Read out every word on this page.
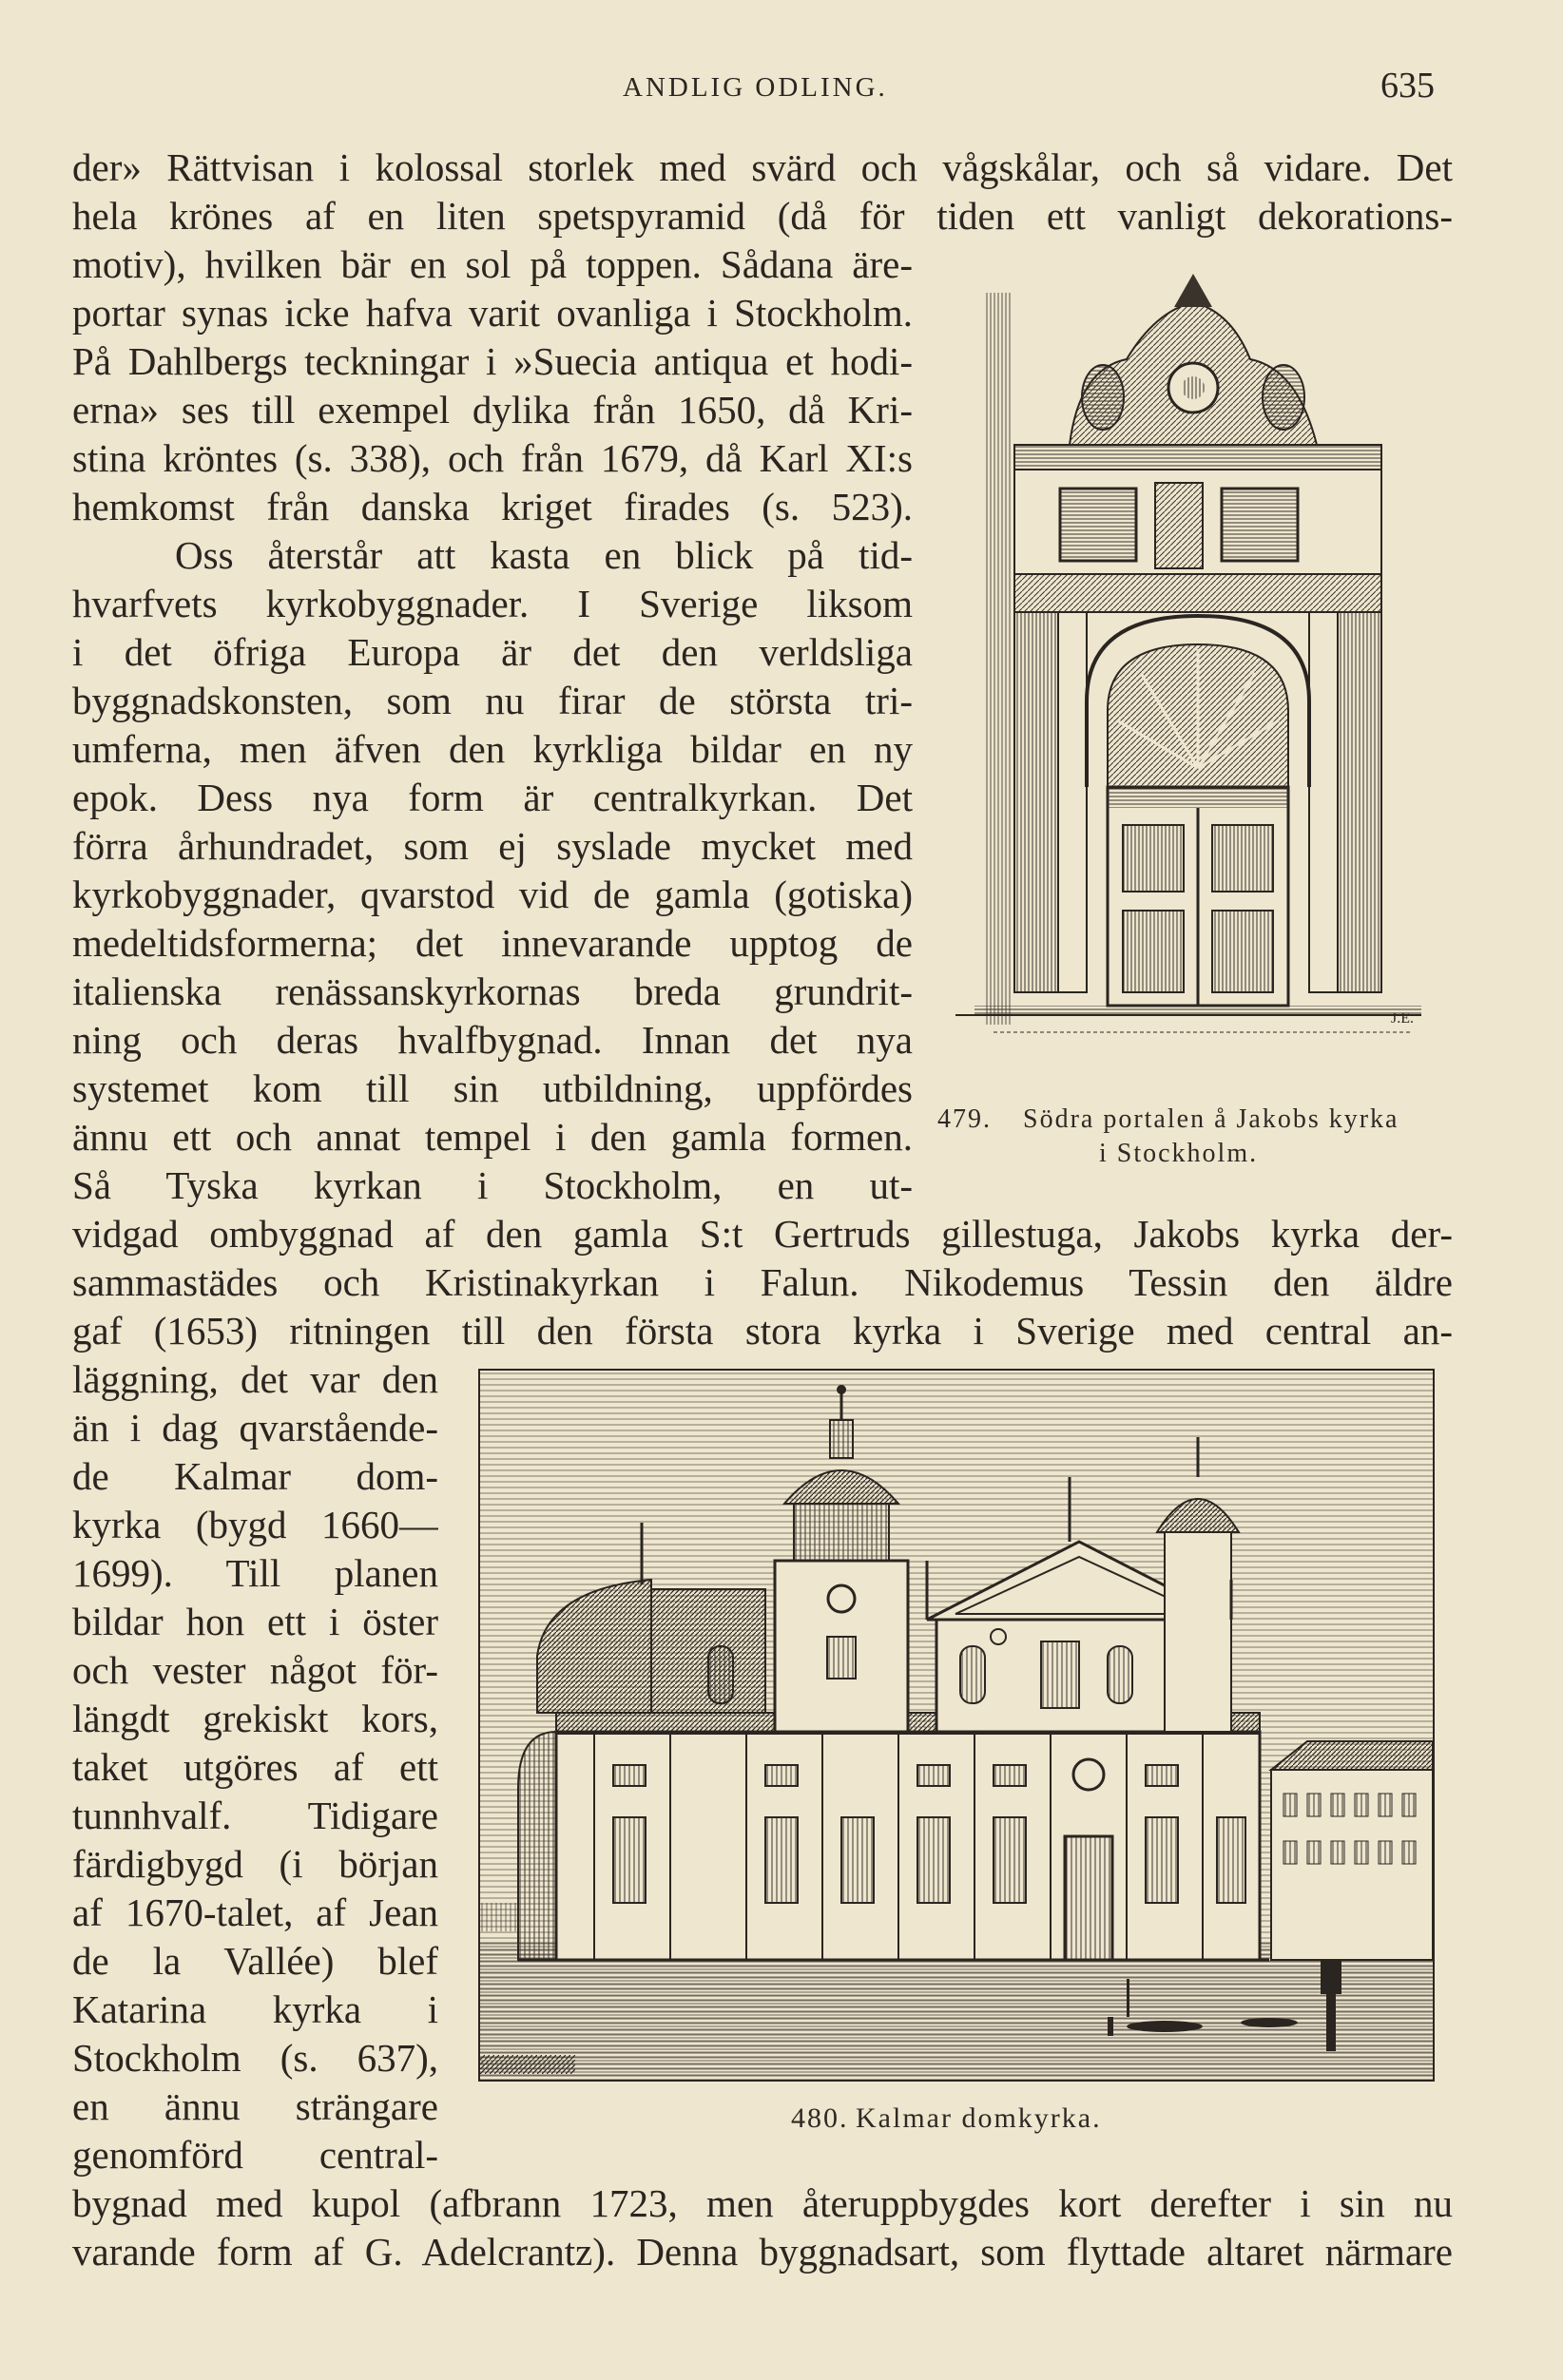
ANDLIG ODLING.	635
der» Rättvisan i kolossal storlek med svärd och vågskålar, och så vidare. Det
hela krönes af en liten spetspyramid (då för tiden ett vanligt dekorations-
motiv), hvilken bär en sol på toppen. Sådana äre-
portar synas icke hafva varit ovanliga i Stockholm.
På Dahlbergs teckningar i »Suecia antiqua et hodi-
erna» ses till exempel dylika från 1650, då Kri-
stina kröntes (s. 338), och från 1679, då Karl XI:s
hemkomst från danska kriget firades (s. 523).
Oss återstår att kasta en blick på tid-
hvarfvets kyrkobyggnader. I Sverige liksom
i det öfriga Europa är det den verldsliga
byggnadskonsten, som nu firar de största tri-
umferna, men äfven den kyrkliga bildar en ny
epok. Dess nya form är centralkyrkan. Det
förra århundradet, som ej syslade mycket med
kyrkobyggnader, qvarstod vid de gamla (gotiska)
medeltidsformerna; det innevarande upptog de
italienska renässanskyrkornas breda grundrit-
ning och deras hvalfbygnad. Innan det nya
systemet kom till sin utbildning, uppfördes
ännu ett och annat tempel i den gamla formen.
Så Tyska kyrkan i Stockholm, en ut-
vidgad ombyggnad af den gamla S:t Gertruds gillestuga, Jakobs kyrka der-
sammastädes och Kristinakyrkan i Falun. Nikodemus Tessin den äldre
gaf (1653) ritningen till den första stora kyrka i Sverige med central an-
läggning, det var den
än i dag qvarstående-
de Kalmar dom-
kyrka (bygd 1660—
1699). Till planen
bildar hon ett i öster
och vester något för-
längdt grekiskt kors,
taket utgöres af ett
tunnhvalf. Tidigare
färdigbygd (i början
af 1670-talet, af Jean
de la Vallée) blef
Katarina kyrka i
Stockholm (s. 637),
en ännu strängare
genomförd central-
bygnad med kupol (afbrann 1723, men återuppbygdes kort derefter i sin nu
varande form af G. Adelcrantz). Denna byggnadsart, som flyttade altaret närmare
J.E.
479. Södra portalen å Jakobs kyrka
i Stockholm.
480. Kalmar domkyrka.
